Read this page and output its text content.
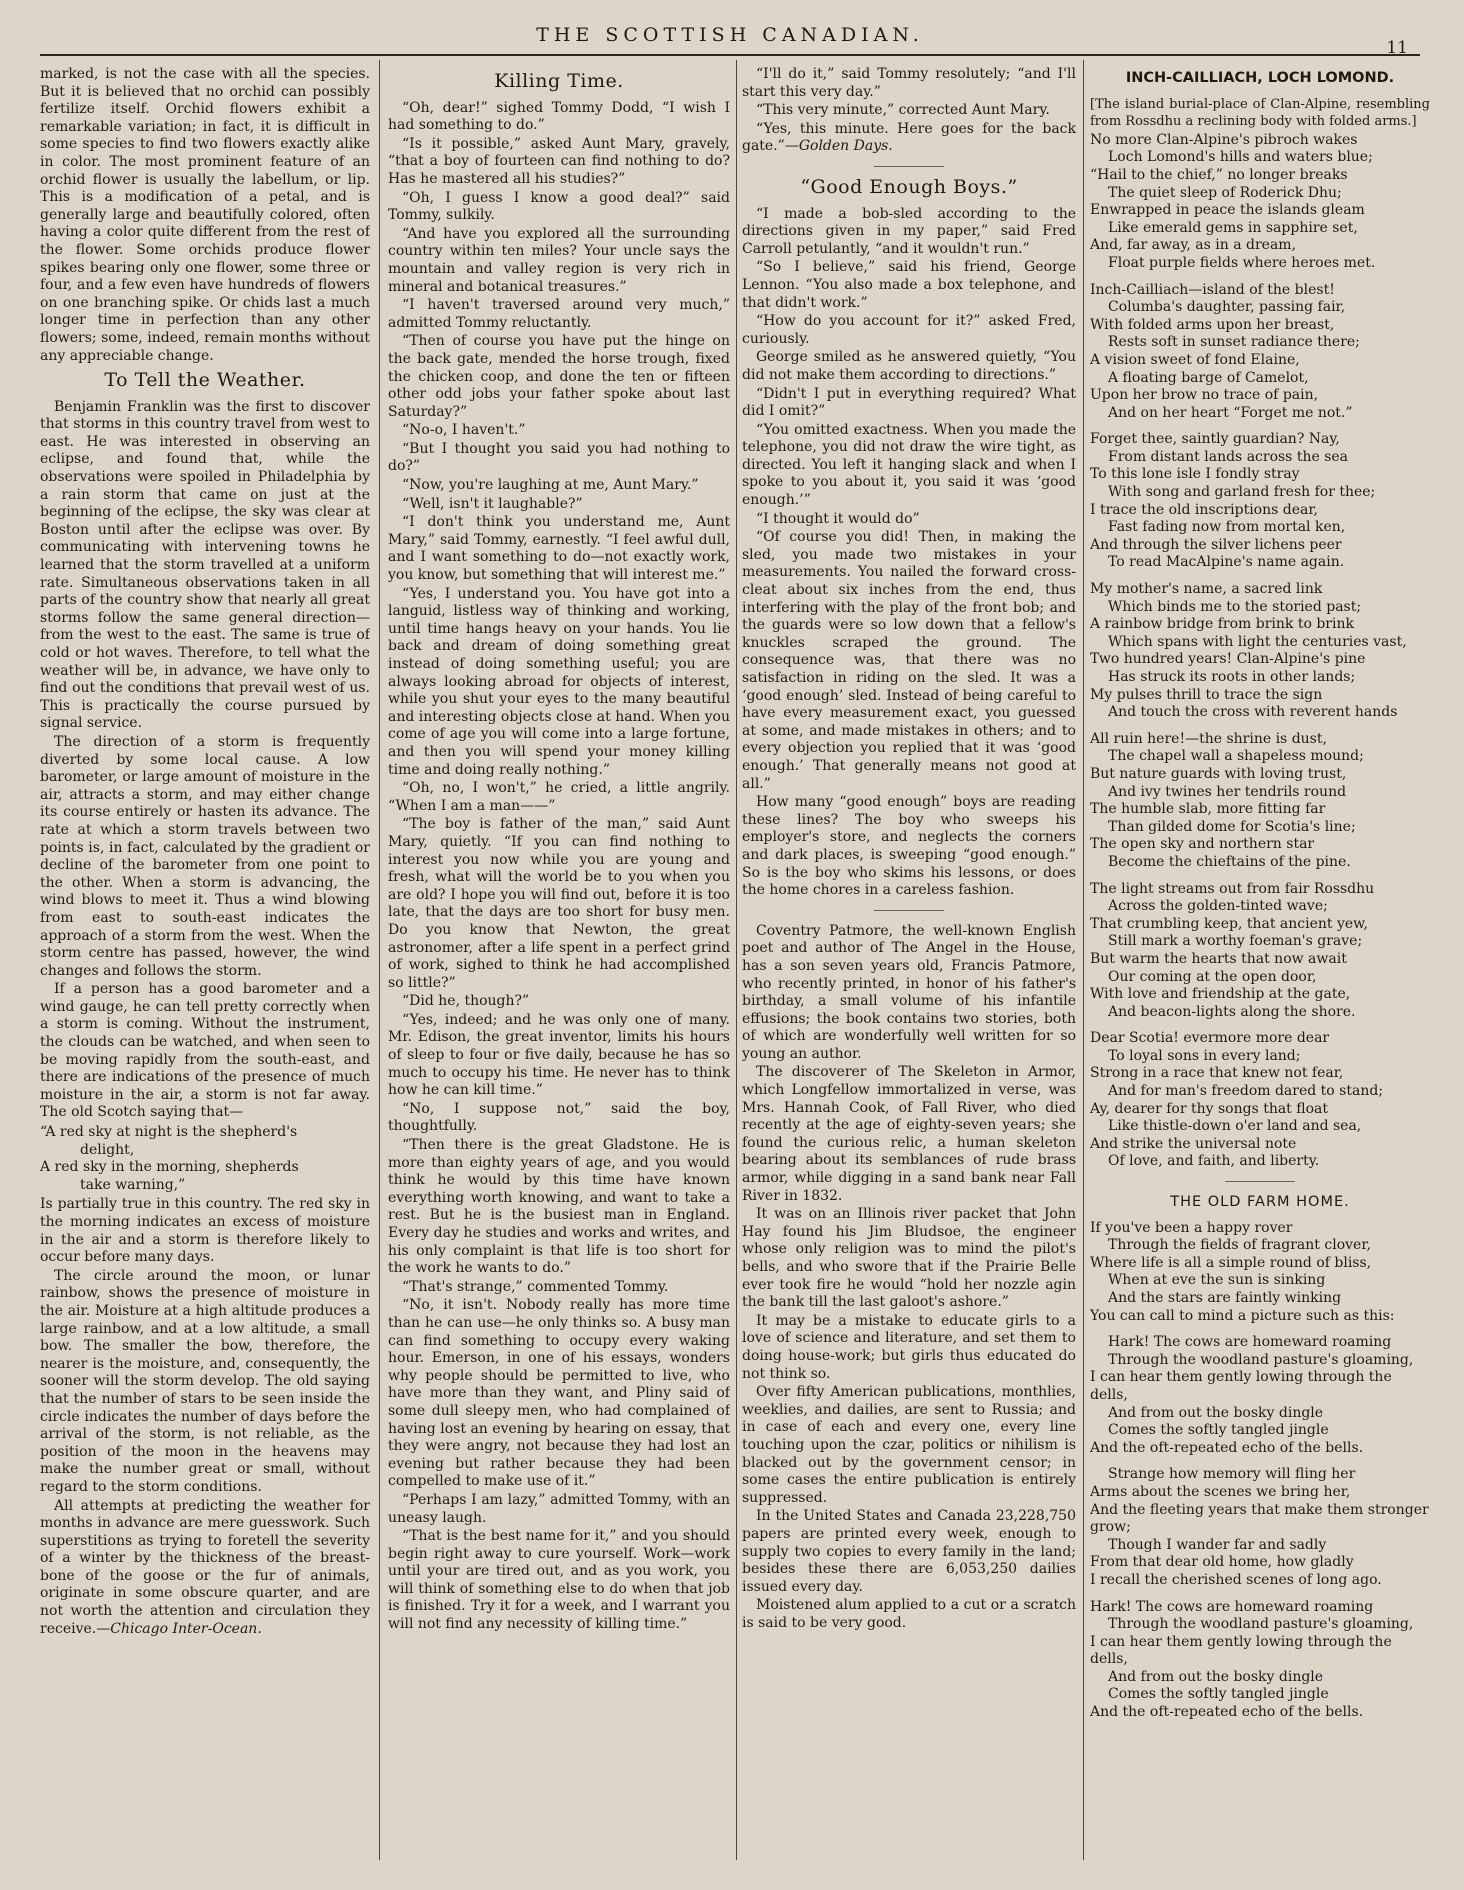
THE SCOTTISH CANADIAN.
11

marked, is not the case with all the species. But it is believed that no orchid can possibly fertilize itself. Orchid flowers exhibit a remarkable variation; in fact, it is difficult in some species to find two flowers exactly alike in color. The most prominent feature of an orchid flower is usually the labellum, or lip. This is a modification of a petal, and is generally large and beautifully colored, often having a color quite different from the rest of the flower. Some orchids produce flower spikes bearing only one flower, some three or four, and a few even have hundreds of flowers on one branching spike. Or chids last a much longer time in perfection than any other flowers; some, indeed, remain months without any appreciable change.

To Tell the Weather.

Benjamin Franklin was the first to discover that storms in this country travel from west to east. He was interested in observing an eclipse, and found that, while the observations were spoiled in Philadelphia by a rain storm that came on just at the beginning of the eclipse, the sky was clear at Boston until after the eclipse was over. By communicating with intervening towns he learned that the storm travelled at a uniform rate. Simultaneous observations taken in all parts of the country show that nearly all great storms follow the same general direction—from the west to the east. The same is true of cold or hot waves. Therefore, to tell what the weather will be, in advance, we have only to find out the conditions that prevail west of us. This is practically the course pursued by signal service.

The direction of a storm is frequently diverted by some local cause. A low barometer, or large amount of moisture in the air, attracts a storm, and may either change its course entirely or hasten its advance. The rate at which a storm travels between two points is, in fact, calculated by the gradient or decline of the barometer from one point to the other. When a storm is advancing, the wind blows to meet it. Thus a wind blowing from east to south-east indicates the approach of a storm from the west. When the storm centre has passed, however, the wind changes and follows the storm.

If a person has a good barometer and a wind gauge, he can tell pretty correctly when a storm is coming. Without the instrument, the clouds can be watched, and when seen to be moving rapidly from the south-east, and there are indications of the presence of much moisture in the air, a storm is not far away. The old Scotch saying that—

“A red sky at night is the shepherd's
delight,
A red sky in the morning, shepherds
take warning,”

Is partially true in this country. The red sky in the morning indicates an excess of moisture in the air and a storm is therefore likely to occur before many days.

The circle around the moon, or lunar rainbow, shows the presence of moisture in the air. Moisture at a high altitude produces a large rainbow, and at a low altitude, a small bow. The smaller the bow, therefore, the nearer is the moisture, and, consequently, the sooner will the storm develop. The old saying that the number of stars to be seen inside the circle indicates the number of days before the arrival of the storm, is not reliable, as the position of the moon in the heavens may make the number great or small, without regard to the storm conditions.

All attempts at predicting the weather for months in advance are mere guesswork. Such superstitions as trying to foretell the severity of a winter by the thickness of the breast-bone of the goose or the fur of animals, originate in some obscure quarter, and are not worth the attention and circulation they receive.—Chicago Inter-Ocean.

Killing Time.

“Oh, dear!” sighed Tommy Dodd, “I wish I had something to do.”

“Is it possible,” asked Aunt Mary, gravely, “that a boy of fourteen can find nothing to do? Has he mastered all his studies?”

“Oh, I guess I know a good deal?” said Tommy, sulkily.

“And have you explored all the surrounding country within ten miles? Your uncle says the mountain and valley region is very rich in mineral and botanical treasures.”

“I haven't traversed around very much,” admitted Tommy reluctantly.

“Then of course you have put the hinge on the back gate, mended the horse trough, fixed the chicken coop, and done the ten or fifteen other odd jobs your father spoke about last Saturday?”

“No-o, I haven't.”

“But I thought you said you had nothing to do?”

“Now, you're laughing at me, Aunt Mary.”

“Well, isn't it laughable?”

“I don't think you understand me, Aunt Mary,” said Tommy, earnestly. “I feel awful dull, and I want something to do—not exactly work, you know, but something that will interest me.”

“Yes, I understand you. You have got into a languid, listless way of thinking and working, until time hangs heavy on your hands. You lie back and dream of doing something great instead of doing something useful; you are always looking abroad for objects of interest, while you shut your eyes to the many beautiful and interesting objects close at hand. When you come of age you will come into a large fortune, and then you will spend your money killing time and doing really nothing.”

“Oh, no, I won't,” he cried, a little angrily. “When I am a man——”

“The boy is father of the man,” said Aunt Mary, quietly. “If you can find nothing to interest you now while you are young and fresh, what will the world be to you when you are old? I hope you will find out, before it is too late, that the days are too short for busy men. Do you know that Newton, the great astronomer, after a life spent in a perfect grind of work, sighed to think he had accomplished so little?”

“Did he, though?”

“Yes, indeed; and he was only one of many. Mr. Edison, the great inventor, limits his hours of sleep to four or five daily, because he has so much to occupy his time. He never has to think how he can kill time.”

“No, I suppose not,” said the boy, thoughtfully.

“Then there is the great Gladstone. He is more than eighty years of age, and you would think he would by this time have known everything worth knowing, and want to take a rest. But he is the busiest man in England. Every day he studies and works and writes, and his only complaint is that life is too short for the work he wants to do.”

“That's strange,” commented Tommy.

“No, it isn't. Nobody really has more time than he can use—he only thinks so. A busy man can find something to occupy every waking hour. Emerson, in one of his essays, wonders why people should be permitted to live, who have more than they want, and Pliny said of some dull sleepy men, who had complained of having lost an evening by hearing on essay, that they were angry, not because they had lost an evening but rather because they had been compelled to make use of it.”

“Perhaps I am lazy,” admitted Tommy, with an uneasy laugh.

“That is the best name for it,” and you should begin right away to cure yourself. Work—work until your are tired out, and as you work, you will think of something else to do when that job is finished. Try it for a week, and I warrant you will not find any necessity of killing time.”

“I'll do it,” said Tommy resolutely; “and I'll start this very day.”

“This very minute,” corrected Aunt Mary.

“Yes, this minute. Here goes for the back gate.”—Golden Days.

“Good Enough Boys.”

“I made a bob-sled according to the directions given in my paper,” said Fred Carroll petulantly, “and it wouldn't run.”

“So I believe,” said his friend, George Lennon. “You also made a box telephone, and that didn't work.”

“How do you account for it?” asked Fred, curiously.

George smiled as he answered quietly, “You did not make them according to directions.”

“Didn't I put in everything required? What did I omit?”

“You omitted exactness. When you made the telephone, you did not draw the wire tight, as directed. You left it hanging slack and when I spoke to you about it, you said it was ‘good enough.’”

“I thought it would do”

“Of course you did! Then, in making the sled, you made two mistakes in your measurements. You nailed the forward cross-cleat about six inches from the end, thus interfering with the play of the front bob; and the guards were so low down that a fellow's knuckles scraped the ground. The consequence was, that there was no satisfaction in riding on the sled. It was a ‘good enough’ sled. Instead of being careful to have every measurement exact, you guessed at some, and made mistakes in others; and to every objection you replied that it was ‘good enough.’ That generally means not good at all.”

How many “good enough” boys are reading these lines? The boy who sweeps his employer's store, and neglects the corners and dark places, is sweeping “good enough.” So is the boy who skims his lessons, or does the home chores in a careless fashion.

Coventry Patmore, the well-known English poet and author of The Angel in the House, has a son seven years old, Francis Patmore, who recently printed, in honor of his father's birthday, a small volume of his infantile effusions; the book contains two stories, both of which are wonderfully well written for so young an author.

The discoverer of The Skeleton in Armor, which Longfellow immortalized in verse, was Mrs. Hannah Cook, of Fall River, who died recently at the age of eighty-seven years; she found the curious relic, a human skeleton bearing about its semblances of rude brass armor, while digging in a sand bank near Fall River in 1832.

It was on an Illinois river packet that John Hay found his Jim Bludsoe, the engineer whose only religion was to mind the pilot's bells, and who swore that if the Prairie Belle ever took fire he would “hold her nozzle agin the bank till the last galoot's ashore.”

It may be a mistake to educate girls to a love of science and literature, and set them to doing house-work; but girls thus educated do not think so.

Over fifty American publications, monthlies, weeklies, and dailies, are sent to Russia; and in case of each and every one, every line touching upon the czar, politics or nihilism is blacked out by the government censor; in some cases the entire publication is entirely suppressed.

In the United States and Canada 23,228,750 papers are printed every week, enough to supply two copies to every family in the land; besides these there are 6,053,250 dailies issued every day.

Moistened alum applied to a cut or a scratch is said to be very good.

INCH-CAILLIACH, LOCH LOMOND.

[The island burial-place of Clan-Alpine, resembling from Rossdhu a reclining body with folded arms.]

No more Clan-Alpine's pibroch wakes
Loch Lomond's hills and waters blue;
“Hail to the chief,” no longer breaks
The quiet sleep of Roderick Dhu;
Enwrapped in peace the islands gleam
Like emerald gems in sapphire set,
And, far away, as in a dream,
Float purple fields where heroes met.
Inch-Cailliach—island of the blest!
Columba's daughter, passing fair,
With folded arms upon her breast,
Rests soft in sunset radiance there;
A vision sweet of fond Elaine,
A floating barge of Camelot,
Upon her brow no trace of pain,
And on her heart “Forget me not.”
Forget thee, saintly guardian? Nay,
From distant lands across the sea
To this lone isle I fondly stray
With song and garland fresh for thee;
I trace the old inscriptions dear,
Fast fading now from mortal ken,
And through the silver lichens peer
To read MacAlpine's name again.
My mother's name, a sacred link
Which binds me to the storied past;
A rainbow bridge from brink to brink
Which spans with light the centuries vast,
Two hundred years! Clan-Alpine's pine
Has struck its roots in other lands;
My pulses thrill to trace the sign
And touch the cross with reverent hands
All ruin here!—the shrine is dust,
The chapel wall a shapeless mound;
But nature guards with loving trust,
And ivy twines her tendrils round
The humble slab, more fitting far
Than gilded dome for Scotia's line;
The open sky and northern star
Become the chieftains of the pine.
The light streams out from fair Rossdhu
Across the golden-tinted wave;
That crumbling keep, that ancient yew,
Still mark a worthy foeman's grave;
But warm the hearts that now await
Our coming at the open door,
With love and friendship at the gate,
And beacon-lights along the shore.
Dear Scotia! evermore more dear
To loyal sons in every land;
Strong in a race that knew not fear,
And for man's freedom dared to stand;
Ay, dearer for thy songs that float
Like thistle-down o'er land and sea,
And strike the universal note
Of love, and faith, and liberty.
THE OLD FARM HOME.
If you've been a happy rover
Through the fields of fragrant clover,
Where life is all a simple round of bliss,
When at eve the sun is sinking
And the stars are faintly winking
You can call to mind a picture such as this:
Hark! The cows are homeward roaming
Through the woodland pasture's gloaming,
I can hear them gently lowing through the dells,
And from out the bosky dingle
Comes the softly tangled jingle
And the oft-repeated echo of the bells.
Strange how memory will fling her
Arms about the scenes we bring her,
And the fleeting years that make them stronger grow;
Though I wander far and sadly
From that dear old home, how gladly
I recall the cherished scenes of long ago.
Hark! The cows are homeward roaming
Through the woodland pasture's gloaming,
I can hear them gently lowing through the dells,
And from out the bosky dingle
Comes the softly tangled jingle
And the oft-repeated echo of the bells.
